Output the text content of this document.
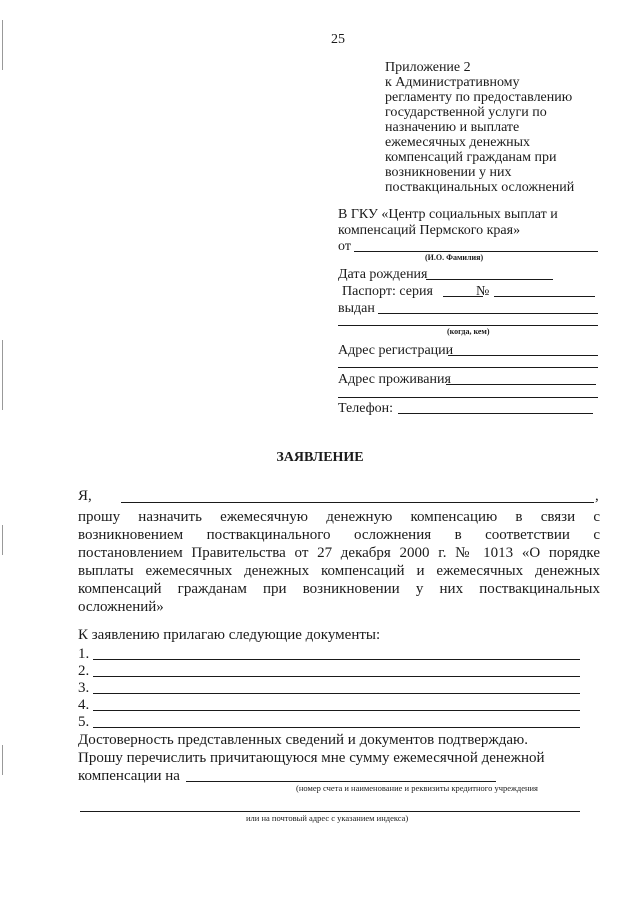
25
Приложение 2
к Административному
регламенту по предоставлению
государственной услуги по
назначению и выплате
ежемесячных денежных
компенсаций гражданам при
возникновении у них
поствакцинальных осложнений
В ГКУ «Центр социальных выплат и
компенсаций Пермского края»
от
(И.О. Фамилия)
Дата рождения
Паспорт: серия	№
выдан
(когда, кем)
Адрес регистрации
Адрес проживания
Телефон:
ЗАЯВЛЕНИЕ
Я,	,
прошу назначить ежемесячную денежную компенсацию в связи с
возникновением поствакцинального осложнения в соответствии с
постановлением Правительства от 27 декабря 2000 г. № 1013 «О порядке
выплаты ежемесячных денежных компенсаций и ежемесячных денежных
компенсаций гражданам при возникновении у них поствакцинальных
осложнений»
К заявлению прилагаю следующие документы:
1.
2.
3.
4.
5.
Достоверность представленных сведений и документов подтверждаю.
Прошу перечислить причитающуюся мне сумму ежемесячной денежной
компенсации на
(номер счета и наименование и реквизиты кредитного учреждения
или на почтовый адрес с указанием индекса)
